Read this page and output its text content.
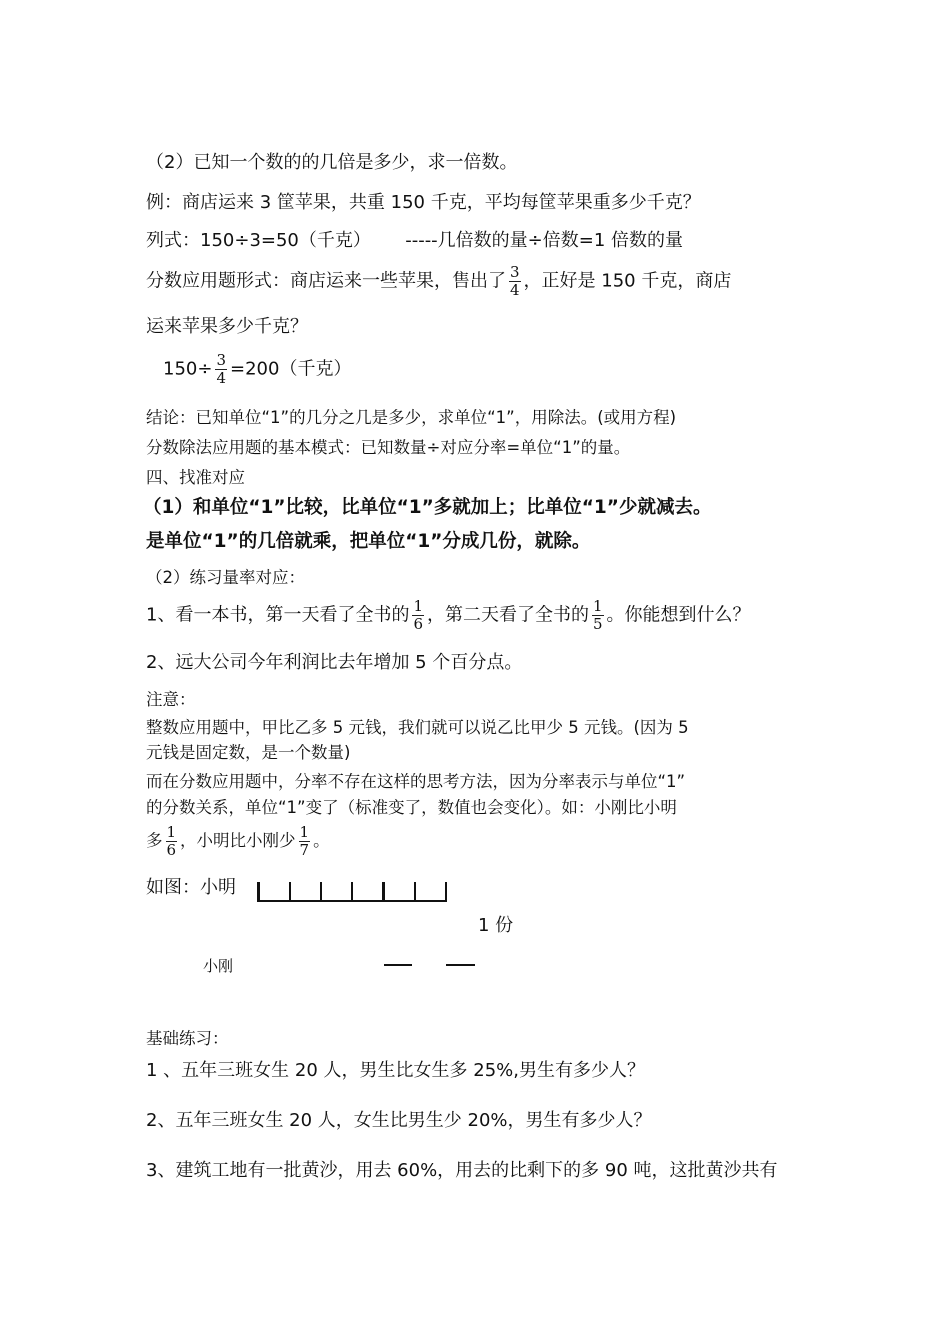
（2）已知一个数的的几倍是多少，求一倍数。
例：商店运来 3 筐苹果，共重 150 千克，平均每筐苹果重多少千克？
列式：150÷3=50（千克）      -----几倍数的量÷倍数=1 倍数的量
分数应用题形式：商店运来一些苹果，售出了 $\frac{3}{4}$ ，正好是 150 千克，商店
运来苹果多少千克？
$150\div \frac{3}{4} =200$（千克）
结论：已知单位“1”的几分之几是多少，求单位“1”，用除法。(或用方程)
分数除法应用题的基本模式：已知数量÷对应分率=单位“1”的量。
四、找准对应
（1）和单位“1”比较，比单位“1”多就加上；比单位“1”少就减去。
是单位“1”的几倍就乘，把单位“1”分成几份，就除。
（2）练习量率对应：
1、看一本书，第一天看了全书的 $\frac{1}{6}$ ，第二天看了全书的 $\frac{1}{5}$ 。你能想到什么？
2、远大公司今年利润比去年增加 5 个百分点。
注意：
整数应用题中，甲比乙多 5 元钱，我们就可以说乙比甲少 5 元钱。(因为 5
元钱是固定数，是一个数量)
而在分数应用题中，分率不存在这样的思考方法，因为分率表示与单位“1”
的分数关系，单位“1”变了（标准变了，数值也会变化）。如：小刚比小明
多 $\frac{1}{6}$ ，小明比小刚少 $\frac{1}{7}$ 。
如图：小明
1 份
小刚
基础练习：
1 、五年三班女生 20 人，男生比女生多 25%,男生有多少人？
2、五年三班女生 20 人，女生比男生少 20%，男生有多少人？
3、建筑工地有一批黄沙，用去 60%，用去的比剩下的多 90 吨，这批黄沙共有
